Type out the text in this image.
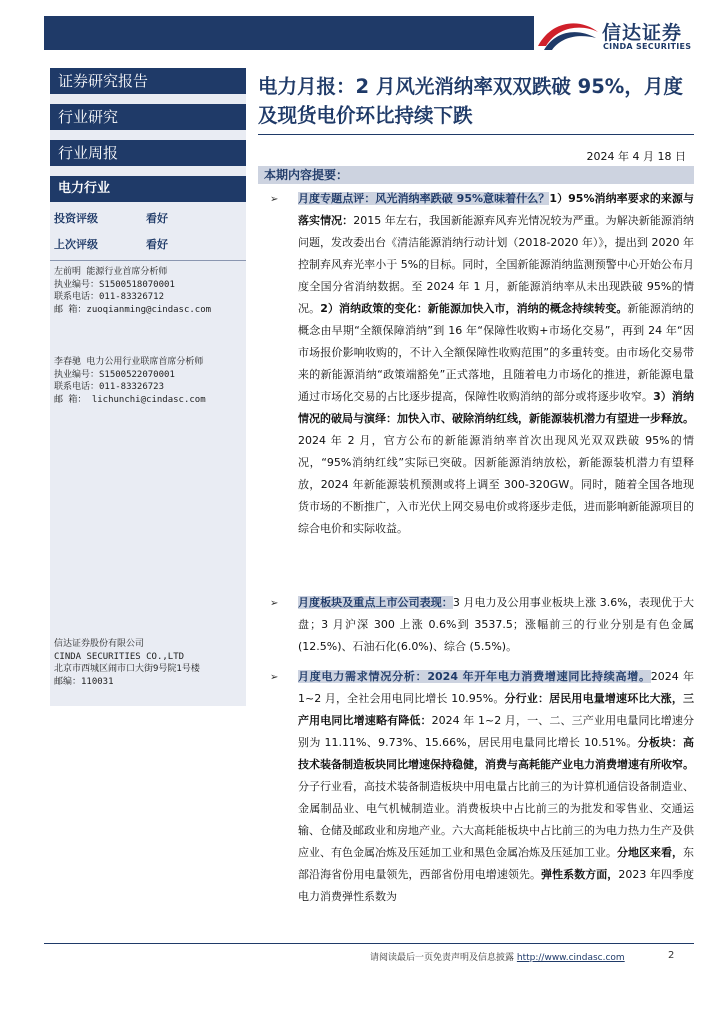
信达证券
CINDA SECURITIES
证券研究报告
行业研究
行业周报
电力行业
投资评级	看好
上次评级	看好
左前明 能源行业首席分析师
执业编号：S1500518070001
联系电话：011-83326712
邮 箱：zuoqianming@cindasc.com
李春驰 电力公用行业联席首席分析师
执业编号：S1500522070001
联系电话：011-83326723
邮 箱： lichunchi@cindasc.com
信达证券股份有限公司
CINDA SECURITIES CO.,LTD
北京市西城区闹市口大街9号院1号楼
邮编：110031
电力月报：2 月风光消纳率双双跌破 95%，月度及现货电价环比持续下跌
2024 年 4 月 18 日
本期内容提要：
➢ 月度专题点评：风光消纳率跌破 95%意味着什么？1）95%消纳率要求的来源与落实情况：2015 年左右，我国新能源弃风弃光情况较为严重。为解决新能源消纳问题，发改委出台《清洁能源消纳行动计划（2018-2020 年）》，提出到 2020 年控制弃风弃光率小于 5%的目标。同时，全国新能源消纳监测预警中心开始公布月度全国分省消纳数据。至 2024 年 1 月，新能源消纳率从未出现跌破 95%的情况。2）消纳政策的变化：新能源加快入市，消纳的概念持续转变。新能源消纳的概念由早期“全额保障消纳”到 16 年“保障性收购+市场化交易”，再到 24 年“因市场报价影响收购的，不计入全额保障性收购范围”的多重转变。由市场化交易带来的新能源消纳“政策端豁免”正式落地，且随着电力市场化的推进，新能源电量通过市场化交易的占比逐步提高，保障性收购消纳的部分或将逐步收窄。3）消纳情况的破局与演绎：加快入市、破除消纳红线，新能源装机潜力有望进一步释放。2024 年 2 月，官方公布的新能源消纳率首次出现风光双双跌破 95%的情况，“95%消纳红线”实际已突破。因新能源消纳放松，新能源装机潜力有望释放，2024 年新能源装机预测或将上调至 300-320GW。同时，随着全国各地现货市场的不断推广，入市光伏上网交易电价或将逐步走低，进而影响新能源项目的综合电价和实际收益。
➢ 月度板块及重点上市公司表现：3 月电力及公用事业板块上涨 3.6%，表现优于大盘；3 月沪深 300 上涨 0.6%到 3537.5；涨幅前三的行业分别是有色金属(12.5%)、石油石化(6.0%)、综合 (5.5%)。
➢ 月度电力需求情况分析：2024 年开年电力消费增速同比持续高增。2024 年 1~2 月，全社会用电同比增长 10.95%。分行业：居民用电量增速环比大涨，三产用电同比增速略有降低：2024 年 1~2 月，一、二、三产业用电量同比增速分别为 11.11%、9.73%、15.66%，居民用电量同比增长 10.51%。分板块：高技术装备制造板块同比增速保持稳健，消费与高耗能产业电力消费增速有所收窄。分子行业看，高技术装备制造板块中用电量占比前三的为计算机通信设备制造业、金属制品业、电气机械制造业。消费板块中占比前三的为批发和零售业、交通运输、仓储及邮政业和房地产业。六大高耗能板块中占比前三的为电力热力生产及供应业、有色金属冶炼及压延加工业和黑色金属冶炼及压延加工业。分地区来看，东部沿海省份用电量领先，西部省份用电增速领先。弹性系数方面，2023 年四季度电力消费弹性系数为
请阅读最后一页免责声明及信息披露 http://www.cindasc.com	2
